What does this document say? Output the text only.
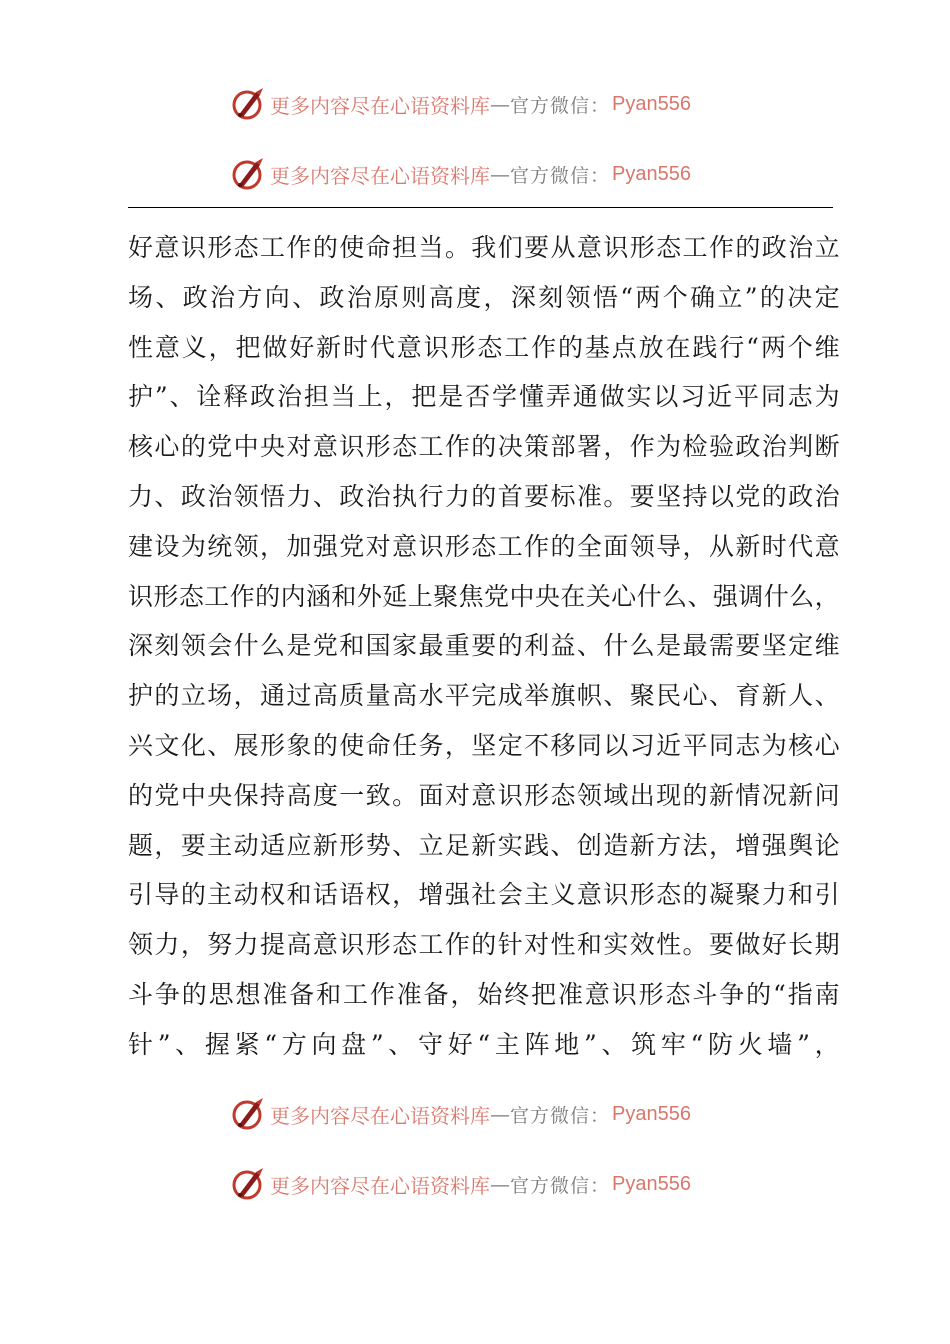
更多内容尽在心语资料库 — 官方微信： Pyan556
更多内容尽在心语资料库 — 官方微信： Pyan556
好意识形态工作的使命担当。我们要从意识形态工作的政治立
场、政治方向、政治原则高度，深刻领悟“两个确立”的决定
性意义，把做好新时代意识形态工作的基点放在践行“两个维
护”、诠释政治担当上，把是否学懂弄通做实以习近平同志为
核心的党中央对意识形态工作的决策部署，作为检验政治判断
力、政治领悟力、政治执行力的首要标准。要坚持以党的政治
建设为统领，加强党对意识形态工作的全面领导，从新时代意
识形态工作的内涵和外延上聚焦党中央在关心什么、强调什么，
深刻领会什么是党和国家最重要的利益、什么是最需要坚定维
护的立场，通过高质量高水平完成举旗帜、聚民心、育新人、
兴文化、展形象的使命任务，坚定不移同以习近平同志为核心
的党中央保持高度一致。面对意识形态领域出现的新情况新问
题，要主动适应新形势、立足新实践、创造新方法，增强舆论
引导的主动权和话语权，增强社会主义意识形态的凝聚力和引
领力，努力提高意识形态工作的针对性和实效性。要做好长期
斗争的思想准备和工作准备，始终把准意识形态斗争的“指南
针”、握紧“方向盘”、守好“主阵地”、筑牢“防火墙”，
更多内容尽在心语资料库 — 官方微信： Pyan556
更多内容尽在心语资料库 — 官方微信： Pyan556
